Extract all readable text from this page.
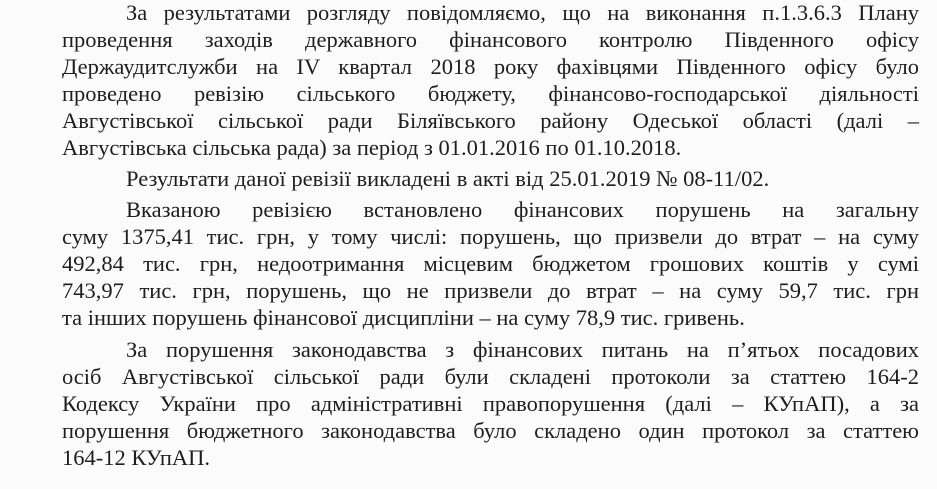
За результатами розгляду повідомляємо, що на виконання п.1.3.6.3 Плану
проведення заходів державного фінансового контролю Південного офісу
Держаудитслужби на IV квартал 2018 року фахівцями Південного офісу було
проведено ревізію сільського бюджету, фінансово-господарської діяльності
Августівської сільської ради Біляївського району Одеської області (далі –
Августівська сільська рада) за період з 01.01.2016 по 01.10.2018.
Результати даної ревізії викладені в акті від 25.01.2019 № 08-11/02.
Вказаною ревізією встановлено фінансових порушень на загальну
суму 1375,41 тис. грн, у тому числі: порушень, що призвели до втрат – на суму
492,84 тис. грн, недоотримання місцевим бюджетом грошових коштів у сумі
743,97 тис. грн, порушень, що не призвели до втрат – на суму 59,7 тис. грн
та інших порушень фінансової дисципліни – на суму 78,9 тис. гривень.
За порушення законодавства з фінансових питань на п’ятьох посадових
осіб Августівської сільської ради були складені протоколи за статтею 164-2
Кодексу України про адміністративні правопорушення (далі – КУпАП), а за
порушення бюджетного законодавства було складено один протокол за статтею
164-12 КУпАП.
